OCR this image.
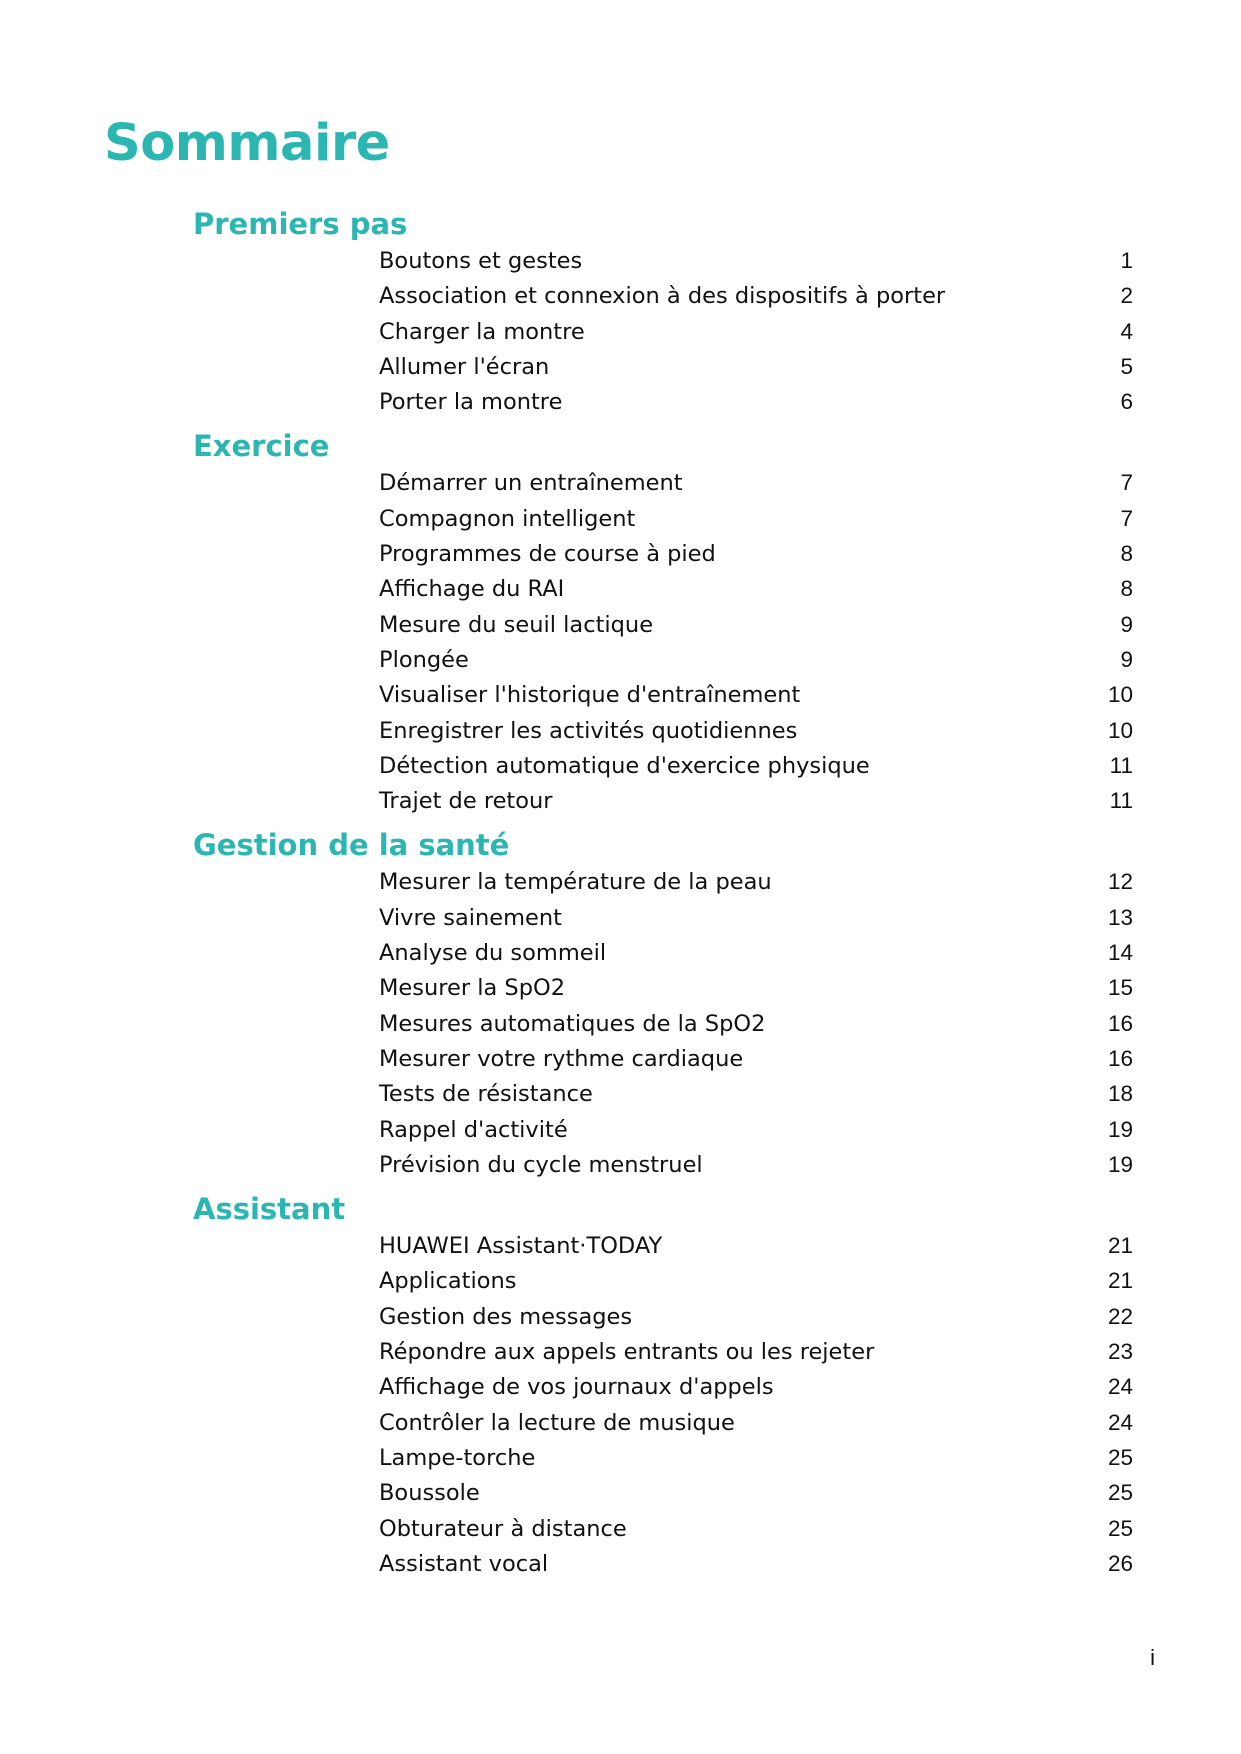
Sommaire
Premiers pas
Boutons et gestes	1
Association et connexion à des dispositifs à porter	2
Charger la montre	4
Allumer l'écran	5
Porter la montre	6
Exercice
Démarrer un entraînement	7
Compagnon intelligent	7
Programmes de course à pied	8
Affichage du RAI	8
Mesure du seuil lactique	9
Plongée	9
Visualiser l'historique d'entraînement	10
Enregistrer les activités quotidiennes	10
Détection automatique d'exercice physique	11
Trajet de retour	11
Gestion de la santé
Mesurer la température de la peau	12
Vivre sainement	13
Analyse du sommeil	14
Mesurer la SpO2	15
Mesures automatiques de la SpO2	16
Mesurer votre rythme cardiaque	16
Tests de résistance	18
Rappel d'activité	19
Prévision du cycle menstruel	19
Assistant
HUAWEI Assistant·TODAY	21
Applications	21
Gestion des messages	22
Répondre aux appels entrants ou les rejeter	23
Affichage de vos journaux d'appels	24
Contrôler la lecture de musique	24
Lampe-torche	25
Boussole	25
Obturateur à distance	25
Assistant vocal	26
i
